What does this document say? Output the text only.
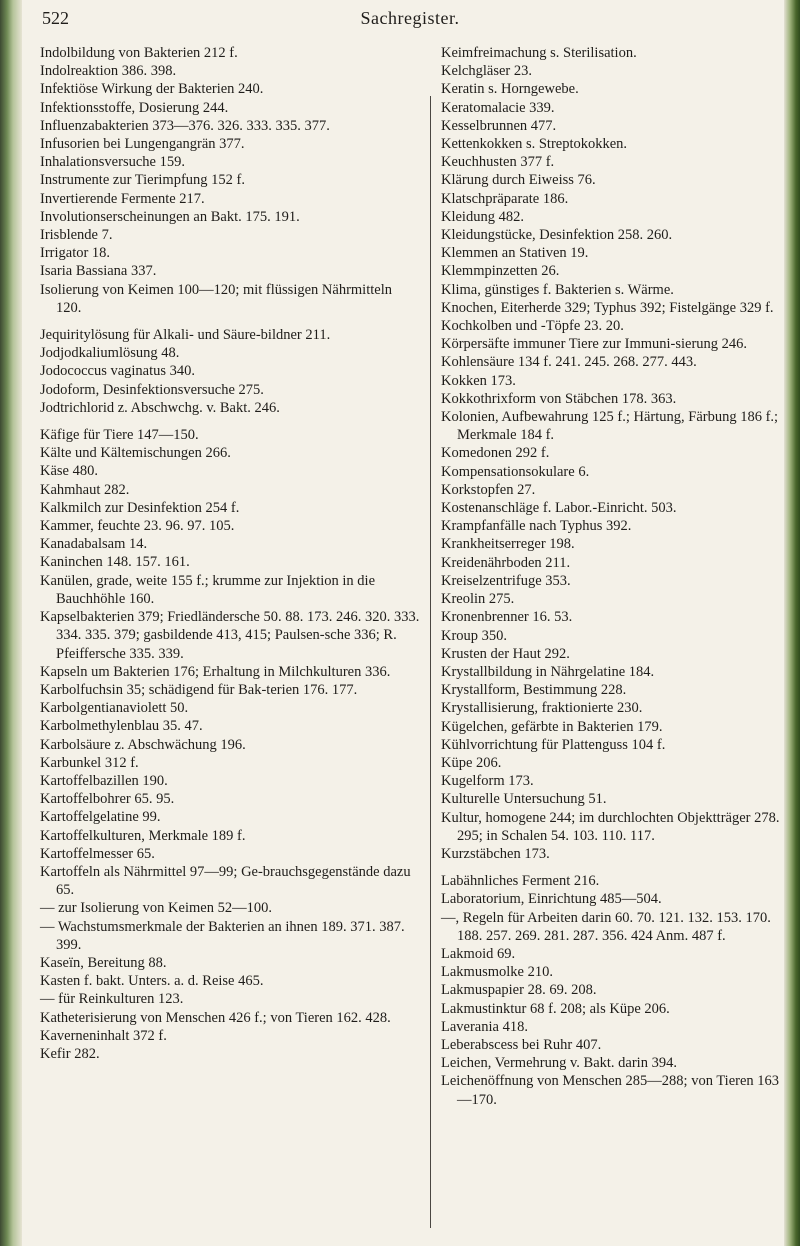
522	Sachregister.

Indolbildung von Bakterien 212 f.

Indolreaktion 386. 398.

Infektiöse Wirkung der Bakterien 240.

Infektionsstoffe, Dosierung 244.

Influenzabakterien 373—376. 326. 333. 335. 377.

Infusorien bei Lungengangrän 377.

Inhalationsversuche 159.

Instrumente zur Tierimpfung 152 f.

Invertierende Fermente 217.

Involutionserscheinungen an Bakt. 175. 191.

Irisblende 7.

Irrigator 18.

Isaria Bassiana 337.

Isolierung von Keimen 100—120; mit flüssigen Nährmitteln 120.

Jequiritylösung für Alkali- und Säure-bildner 211.

Jodjodkaliumlösung 48.

Jodococcus vaginatus 340.

Jodoform, Desinfektionsversuche 275.

Jodtrichlorid z. Abschwchg. v. Bakt. 246.

Käfige für Tiere 147—150.

Kälte und Kältemischungen 266.

Käse 480.

Kahmhaut 282.

Kalkmilch zur Desinfektion 254 f.

Kammer, feuchte 23. 96. 97. 105.

Kanadabalsam 14.

Kaninchen 148. 157. 161.

Kanülen, grade, weite 155 f.; krumme zur Injektion in die Bauchhöhle 160.

Kapselbakterien 379; Friedländersche 50. 88. 173. 246. 320. 333. 334. 335. 379; gasbildende 413, 415; Paulsen-sche 336; R. Pfeiffersche 335. 339.

Kapseln um Bakterien 176; Erhaltung in Milchkulturen 336.

Karbolfuchsin 35; schädigend für Bak-terien 176. 177.

Karbolgentianaviolett 50.

Karbolmethylenblau 35. 47.

Karbolsäure z. Abschwächung 196.

Karbunkel 312 f.

Kartoffelbazillen 190.

Kartoffelbohrer 65. 95.

Kartoffelgelatine 99.

Kartoffelkulturen, Merkmale 189 f.

Kartoffelmesser 65.

Kartoffeln als Nährmittel 97—99; Ge-brauchsgegenstände dazu 65.

— zur Isolierung von Keimen 52—100.

— Wachstumsmerkmale der Bakterien an ihnen 189. 371. 387. 399.

Kaseïn, Bereitung 88.

Kasten f. bakt. Unters. a. d. Reise 465.

— für Reinkulturen 123.

Katheterisierung von Menschen 426 f.; von Tieren 162. 428.

Kaverneninhalt 372 f.

Kefir 282.

Keimfreimachung s. Sterilisation.

Kelchgläser 23.

Keratin s. Horngewebe.

Keratomalacie 339.

Kesselbrunnen 477.

Kettenkokken s. Streptokokken.

Keuchhusten 377 f.

Klärung durch Eiweiss 76.

Klatschpräparate 186.

Kleidung 482.

Kleidungstücke, Desinfektion 258. 260.

Klemmen an Stativen 19.

Klemmpinzetten 26.

Klima, günstiges f. Bakterien s. Wärme.

Knochen, Eiterherde 329; Typhus 392; Fistelgänge 329 f.

Kochkolben und -Töpfe 23. 20.

Körpersäfte immuner Tiere zur Immuni-sierung 246.

Kohlensäure 134 f. 241. 245. 268. 277. 443.

Kokken 173.

Kokkothrixform von Stäbchen 178. 363.

Kolonien, Aufbewahrung 125 f.; Härtung, Färbung 186 f.; Merkmale 184 f.

Komedonen 292 f.

Kompensationsokulare 6.

Korkstopfen 27.

Kostenanschläge f. Labor.-Einricht. 503.

Krampfanfälle nach Typhus 392.

Krankheitserreger 198.

Kreidenährboden 211.

Kreiselzentrifuge 353.

Kreolin 275.

Kronenbrenner 16. 53.

Kroup 350.

Krusten der Haut 292.

Krystallbildung in Nährgelatine 184.

Krystallform, Bestimmung 228.

Krystallisierung, fraktionierte 230.

Kügelchen, gefärbte in Bakterien 179.

Kühlvorrichtung für Plattenguss 104 f.

Küpe 206.

Kugelform 173.

Kulturelle Untersuchung 51.

Kultur, homogene 244; im durchlochten Objektträger 278. 295; in Schalen 54. 103. 110. 117.

Kurzstäbchen 173.

Labähnliches Ferment 216.

Laboratorium, Einrichtung 485—504.

—, Regeln für Arbeiten darin 60. 70. 121. 132. 153. 170. 188. 257. 269. 281. 287. 356. 424 Anm. 487 f.

Lakmoid 69.

Lakmusmolke 210.

Lakmuspapier 28. 69. 208.

Lakmustinktur 68 f. 208; als Küpe 206.

Laverania 418.

Leberabscess bei Ruhr 407.

Leichen, Vermehrung v. Bakt. darin 394.

Leichenöffnung von Menschen 285—288; von Tieren 163—170.
